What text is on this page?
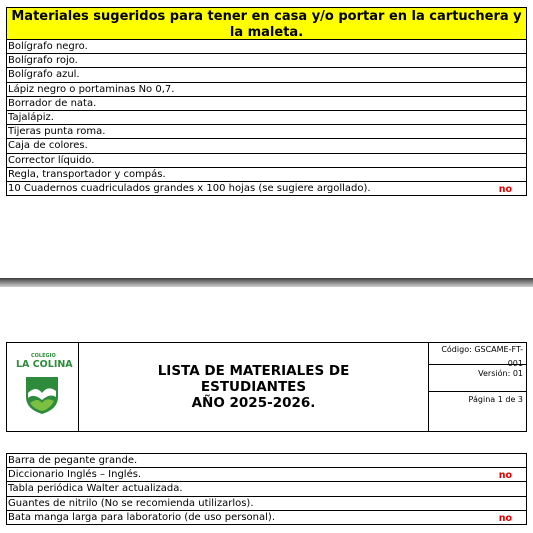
Materiales sugeridos para tener en casa y/o portar en la cartuchera y
la maleta.
Bolígrafo negro.
Bolígrafo rojo.
Bolígrafo azul.
Lápiz negro o portaminas No 0,7.
Borrador de nata.
Tajalápiz.
Tijeras punta roma.
Caja de colores.
Corrector líquido.
Regla, transportador y compás.
10 Cuadernos cuadriculados grandes x 100 hojas (se sugiere argollado).	no
COLEGIO
LA COLINA	LISTA DE MATERIALES DE
ESTUDIANTES
AÑO 2025-2026.
Código: GSCAME-FT-001
Versión: 01
Página 1 de 3
Barra de pegante grande.
Diccionario Inglés – Inglés.	no
Tabla periódica Walter actualizada.
Guantes de nitrilo (No se recomienda utilizarlos).
Bata manga larga para laboratorio (de uso personal).	no
